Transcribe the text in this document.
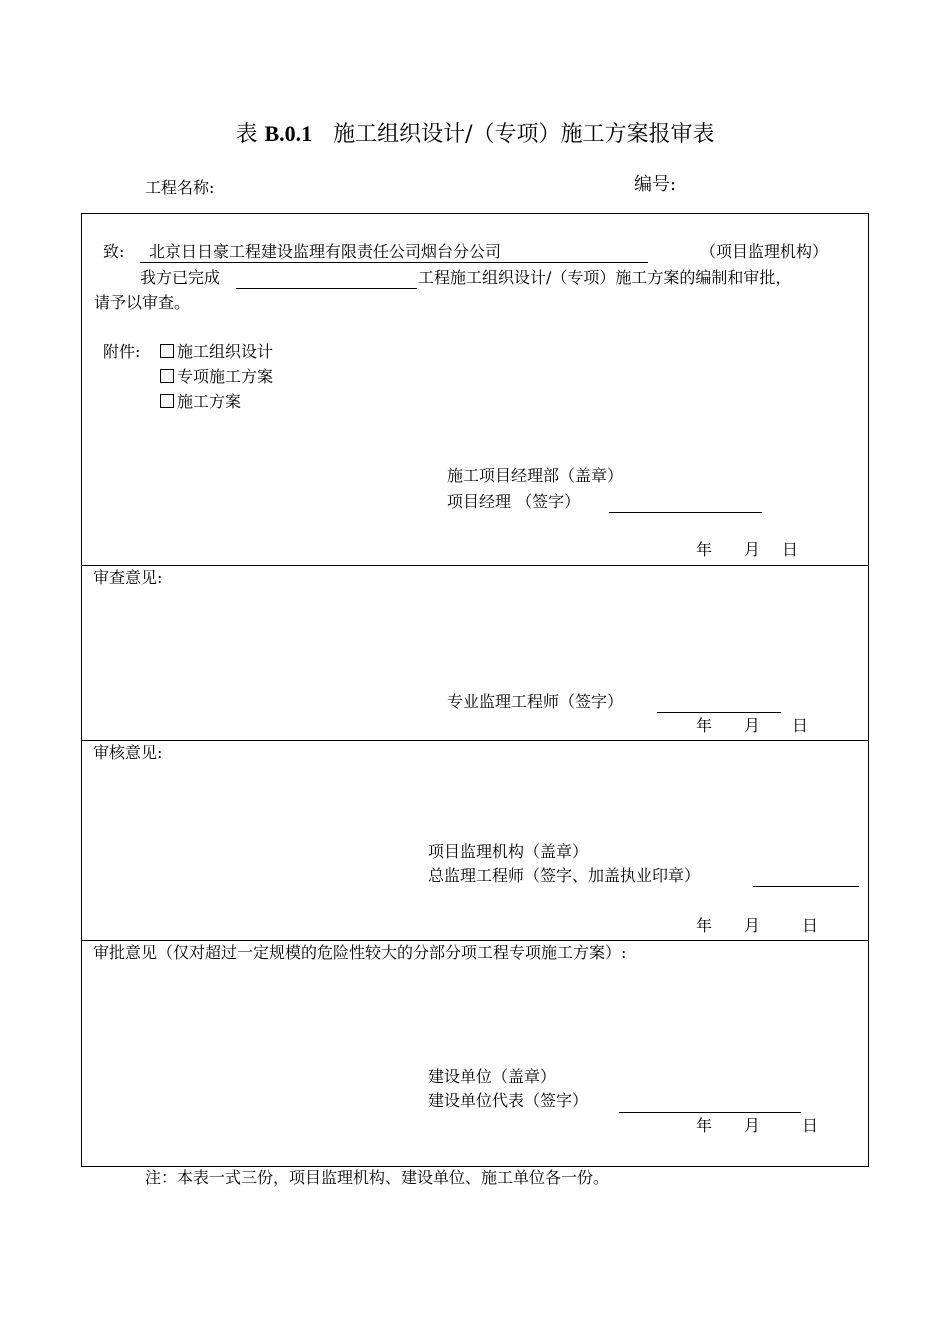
表 B.0.1 施工组织设计/（专项）施工方案报审表
工程名称:	编号:
致: 北京日日豪工程建设监理有限责任公司烟台分公司	（项目监理机构）
我方已完成	工程施工组织设计/（专项）施工方案的编制和审批，
请予以审查。
附件:	施工组织设计
专项施工方案
施工方案
施工项目经理部（盖章）
项目经理 （签字）
年 月 日
审查意见:
专业监理工程师（签字）
年 月 日
审核意见:
项目监理机构（盖章）
总监理工程师（签字、加盖执业印章）
年 月	日
审批意见（仅对超过一定规模的危险性较大的分部分项工程专项施工方案）:
建设单位（盖章）
建设单位代表（签字）
年 月	日
注：本表一式三份，项目监理机构、建设单位、施工单位各一份。
